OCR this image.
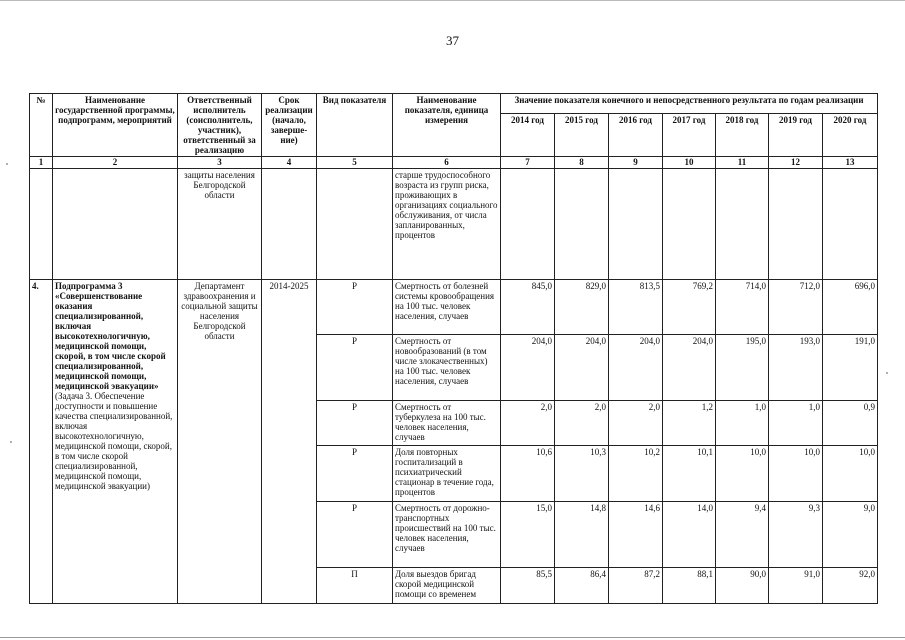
37
№	Наименование государственной программы, подпрограмм, мероприятий	Ответственный исполнитель (соисполнитель, участник), ответственный за реализацию	Срок реализации (начало, заверше-ние)	Вид показателя	Наименование показателя, единица измерения	Значение показателя конечного и непосредственного результата по годам реализации						
						2014 год	2015 год	2016 год	2017 год	2018 год	2019 год	2020 год
1	2	3	4	5	6	7	8	9	10	11	12	13
		защиты населения Белгородской области			старше трудоспособного возраста из групп риска, проживающих в организациях социального обслуживания, от числа запланированных, процентов							
4.	Подпрограмма 3 «Совершенствование оказания специализированной, включая высокотехнологичную, медицинской помощи, скорой, в том числе скорой специализированной, медицинской помощи, медицинской эвакуации» (Задача 3. Обеспечение доступности и повышение качества специализированной, включая высокотехнологичную, медицинской помощи, скорой, в том числе скорой специализированной, медицинской помощи, медицинской эвакуации)	Департамент здравоохранения и социальной защиты населения Белгородской области	2014-2025	Р	Смертность от болезней системы кровообращения на 100 тыс. человек населения, случаев	845,0	829,0	813,5	769,2	714,0	712,0	696,0
				Р	Смертность от новообразований (в том числе злокачественных) на 100 тыс. человек населения, случаев	204,0	204,0	204,0	204,0	195,0	193,0	191,0
				Р	Смертность от туберкулеза на 100 тыс. человек населения, случаев	2,0	2,0	2,0	1,2	1,0	1,0	0,9
				Р	Доля повторных госпитализаций в психиатрический стационар в течение года, процентов	10,6	10,3	10,2	10,1	10,0	10,0	10,0
				Р	Смертность от дорожно-транспортных происшествий на 100 тыс. человек населения, случаев	15,0	14,8	14,6	14,0	9,4	9,3	9,0
				П	Доля выездов бригад скорой медицинской помощи со временем	85,5	86,4	87,2	88,1	90,0	91,0	92,0
